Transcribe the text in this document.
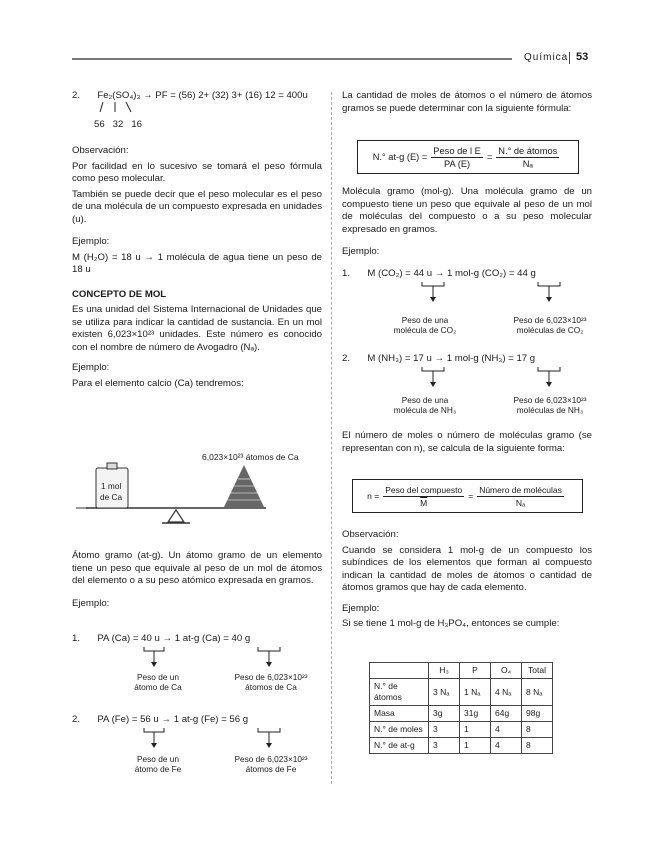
Química 53
2. Fe₂(SO₄)₃ → PF = (56) 2+ (32) 3+ (16) 12 = 400u
56   32   16
Observación:

Por facilidad en lo sucesivo se tomará el peso fórmula como peso molecular.

También se puede decir que el peso molecular es el peso de una molécula de un compuesto expresada en unidades (u).

Ejemplo:

M (H₂O) = 18 u → 1 molécula de agua tiene un peso de 18 u

CONCEPTO DE MOL

Es una unidad del Sistema Internacional de Unidades que se utiliza para indicar la cantidad de sustancia. En un mol existen 6,023×10²³ unidades. Este número es conocido con el nombre de número de Avogadro (Nₐ).

Ejemplo:

Para el elemento calcio (Ca) tendremos:

6,023×10²³ átomos de Ca
1 mol
de Ca

Átomo gramo (at-g). Un átomo gramo de un elemento tiene un peso que equivale al peso de un mol de átomos del elemento o a su peso atómico expresada en gramos.

Ejemplo:
1. PA (Ca) = 40 u → 1 at-g (Ca) = 40 g
Peso de un átomo de Ca
Peso de 6,023×10²³ átomos de Ca
2. PA (Fe) = 56 u → 1 at-g (Fe) = 56 g
Peso de un átomo de Fe
Peso de 6,023×10²³ átomos de Fe

La cantidad de moles de átomos o el número de átomos gramos se puede determinar con la siguiente fórmula:

N.° at-g $(E) = \frac{\text{Peso de l E}}{PA (E)} = \frac{\text{N.° de átomos}}{\text{Nₐ}}$

Molécula gramo (mol-g). Una molécula gramo de un compuesto tiene un peso que equivale al peso de un mol de moléculas del compuesto o a su peso molecular expresado en gramos.

Ejemplo:
1. M (CO₂) = 44 u → 1 mol-g (CO₂) = 44 g
Peso de una molécula de CO₂
Peso de 6,023×10²³ moléculas de CO₂
2. M (NH₃) = 17 u → 1 mol-g (NH₃) = 17 g
Peso de una molécula de NH₃
Peso de 6,023×10²³ moléculas de NH₃

El número de moles o número de moléculas gramo (se representan con n), se calcula de la siguiente forma:

$n = \frac{\text{Peso del compuesto}}{M} = \frac{\text{Número de moléculas}}{\text{Nₐ}}$
Observación:

Cuando se considera 1 mol-g de un compuesto los subíndices de los elementos que forman al compuesto indican la cantidad de moles de átomos o cantidad de átomos gramos que hay de cada elemento.

Ejemplo:

Si se tiene 1 mol-g de H₃PO₄, entonces se cumple:

	H₃	P	O₄	Total
N.° de átomos	3 Nₐ	1 Nₐ	4 Nₐ	8 Nₐ
Masa	3g	31g	64g	98g
N.° de moles	3	1	4	8
N.° de at-g	3	1	4	8
